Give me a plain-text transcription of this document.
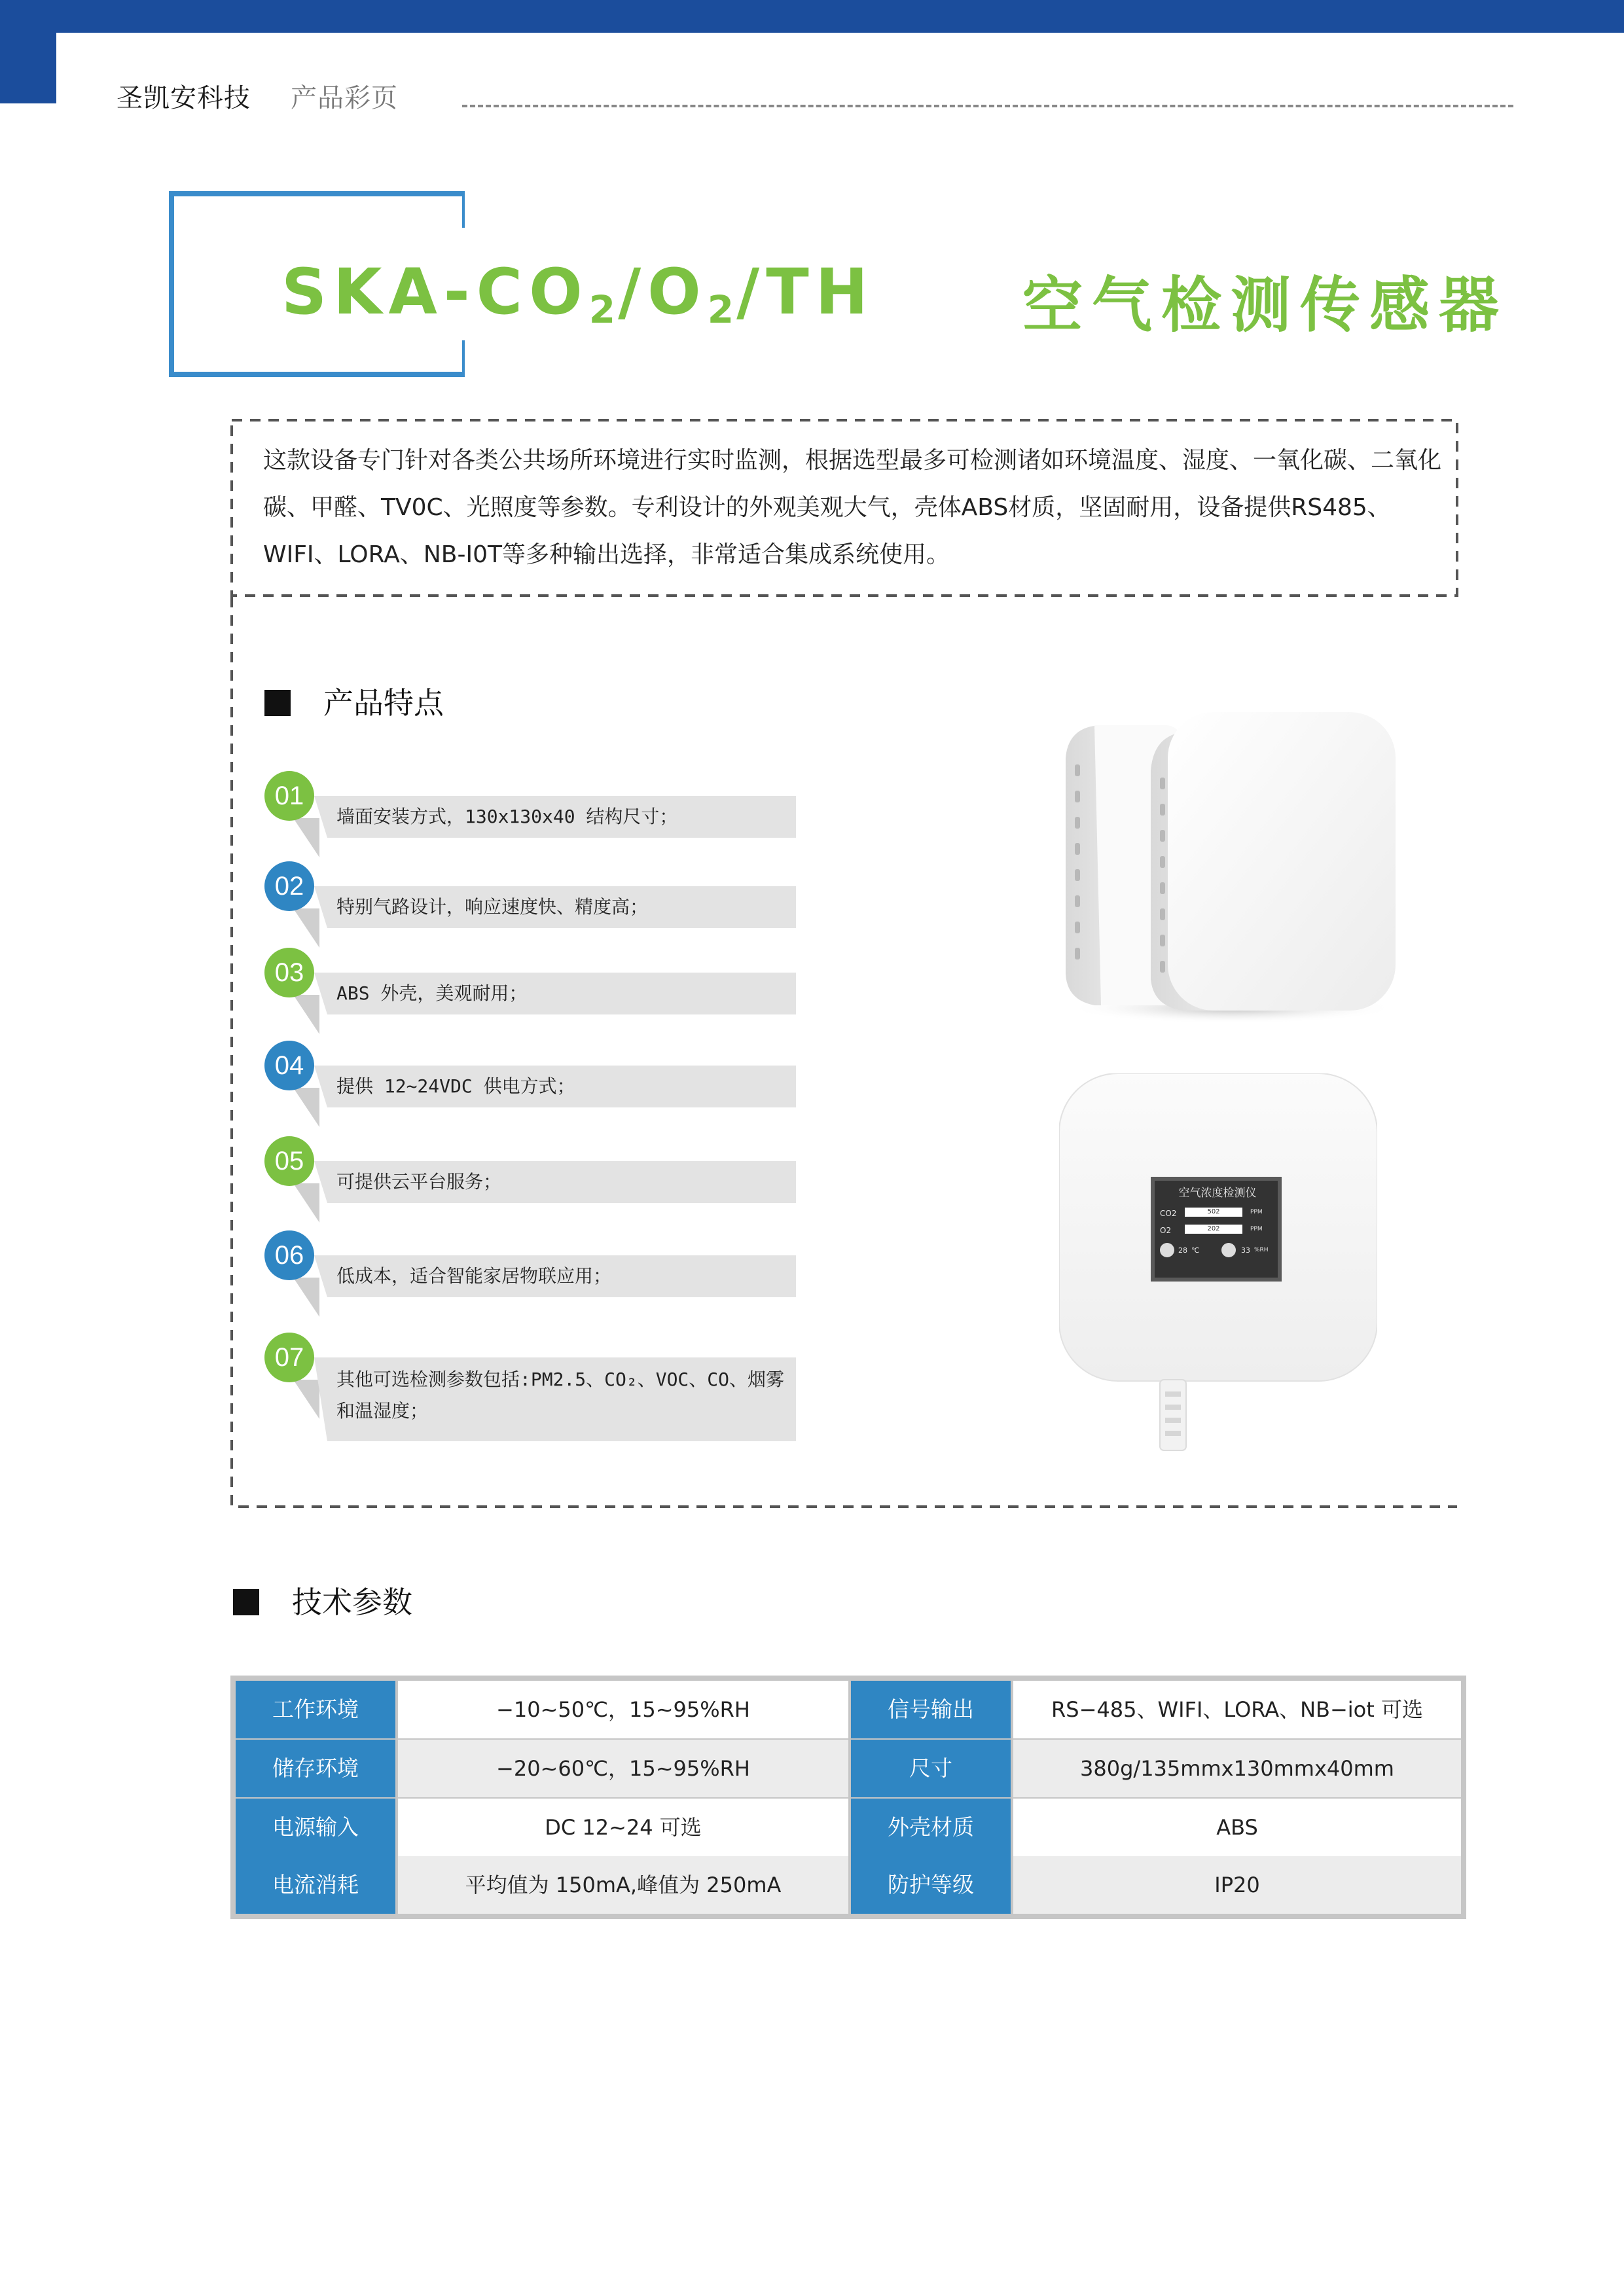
圣凯安科技 产品彩页
SKA-$CO_2/O_2/TH$ 空气检测传感器
这款设备专门针对各类公共场所环境进行实时监测，根据选型最多可检测诸如环境温度、湿度、一氧化碳、二氧化碳、甲醛、TV0C、光照度等参数。专利设计的外观美观大气，壳体ABS材质，坚固耐用，设备提供RS485、WIFI、LORA、NB-I0T等多种输出选择，非常适合集成系统使用。
产品特点
01
墙面安装方式，130x130x40 结构尺寸；
02
特别气路设计，响应速度快、精度高；
03
ABS 外壳，美观耐用；
04
提供 12~24VDC 供电方式；
05
可提供云平台服务；
06
低成本，适合智能家居物联应用；
07
其他可选检测参数包括:PM2.5、CO₂、VOC、CO、烟雾和温湿度；
空气浓度检测仪
CO2	502	PPM
O2	202	PPM
28 ℃	33 %RH
技术参数
工作环境	−10~50℃，15~95%RH	信号输出	RS−485、WIFI、LORA、NB−iot 可选
储存环境	−20~60℃，15~95%RH	尺寸	380g/135mmx130mmx40mm
电源输入	DC 12~24 可选	外壳材质	ABS
电流消耗	平均值为 150mA,峰值为 250mA	防护等级	IP20
